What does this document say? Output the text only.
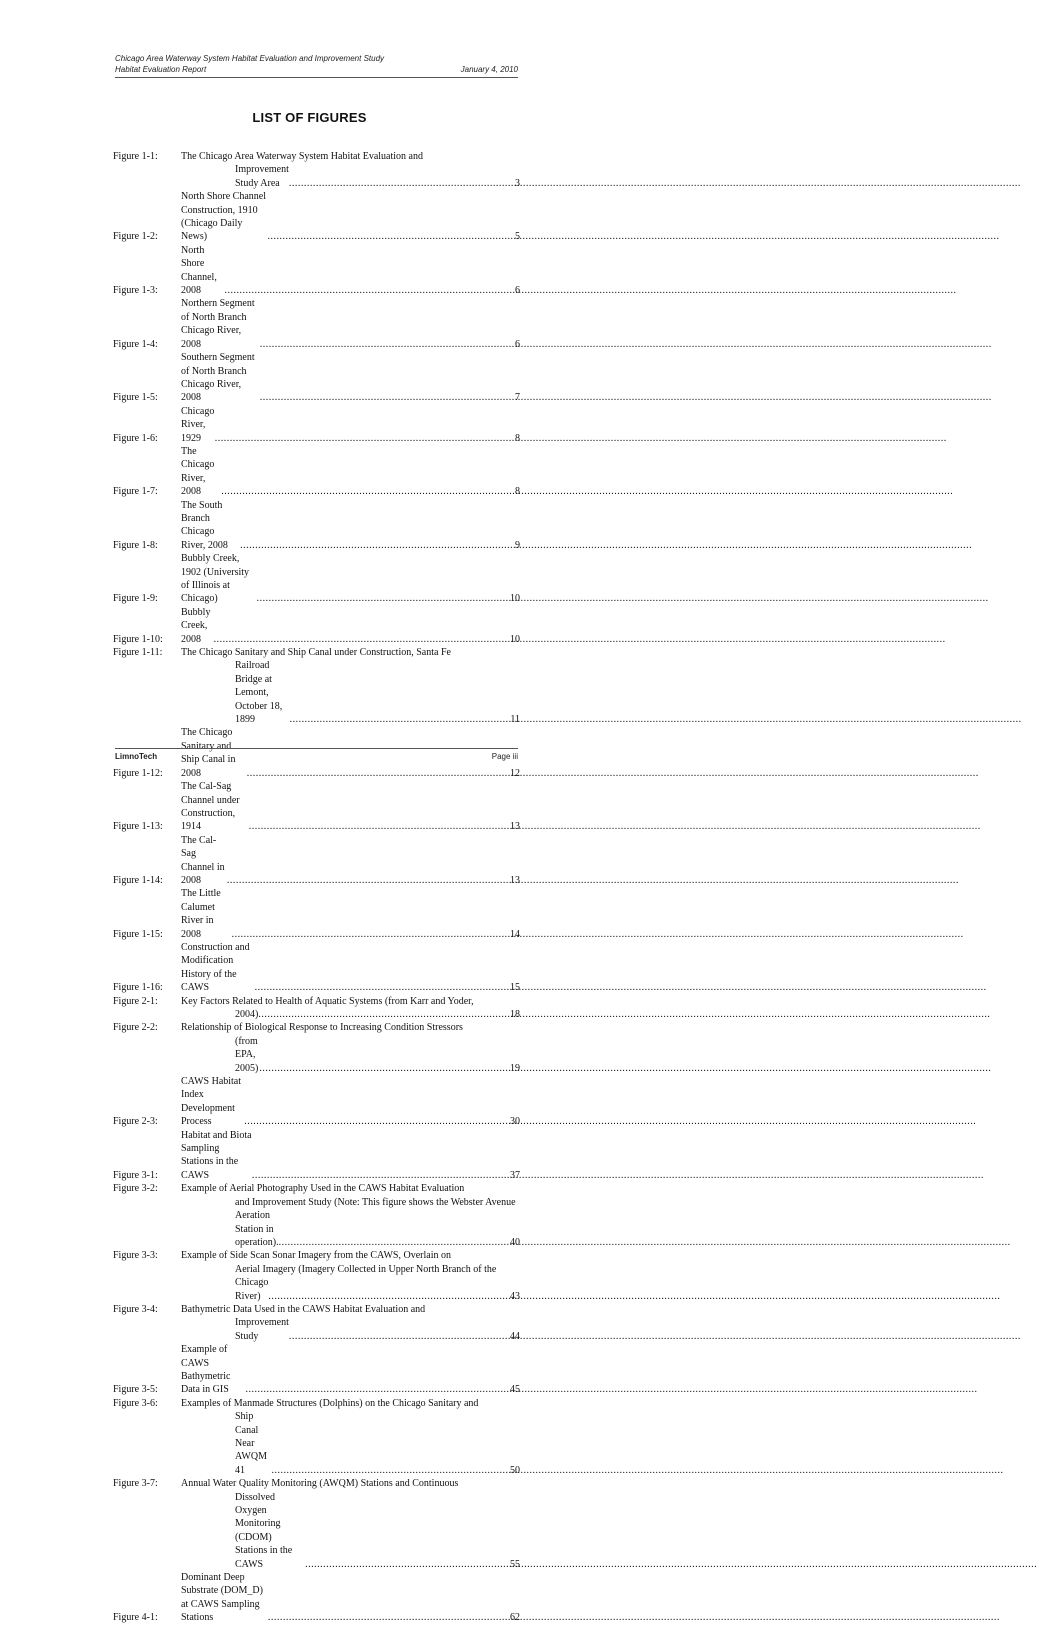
Chicago Area Waterway System Habitat Evaluation and Improvement Study
Habitat Evaluation Report	January 4, 2010
LIST OF FIGURES
Figure 1-1:	The Chicago Area Waterway System Habitat Evaluation and
Improvement Study Area .....	3
Figure 1-2:
North Shore Channel Construction, 1910 (Chicago Daily News) .....	5
Figure 1-3:
North Shore Channel, 2008 .....	6
Figure 1-4:
Northern Segment of North Branch Chicago River, 2008 .....	6
Figure 1-5:
Southern Segment of North Branch Chicago River, 2008 .....	7
Figure 1-6:
Chicago River, 1929 .....	8
Figure 1-7:
The Chicago River, 2008 .....	8
Figure 1-8:
The South Branch Chicago River, 2008 .....	9
Figure 1-9:
Bubbly Creek, 1902 (University of Illinois at Chicago) .....	10
Figure 1-10:
Bubbly Creek, 2008 .....	10
Figure 1-11:	The Chicago Sanitary and Ship Canal under Construction, Santa Fe
Railroad Bridge at Lemont, October 18, 1899 .....	11
Figure 1-12:
The Chicago Sanitary and Ship Canal in 2008 .....	12
Figure 1-13:
The Cal-Sag Channel under Construction, 1914 .....	13
Figure 1-14:
The Cal-Sag Channel in 2008 .....	13
Figure 1-15:
The Little Calumet River in 2008 .....	14
Figure 1-16:
Construction and Modification History of the CAWS .....	15
Figure 2-1:	Key Factors Related to Health of Aquatic Systems (from Karr and Yoder,
2004) .....	18
Figure 2-2:	Relationship of Biological Response to Increasing Condition Stressors
(from EPA, 2005) .....	19
Figure 2-3:
CAWS Habitat Index Development Process .....	30
Figure 3-1:
Habitat and Biota Sampling Stations in the CAWS .....	37
Figure 3-2:	Example of Aerial Photography Used in the CAWS Habitat Evaluation
and Improvement Study (Note: This figure shows the Webster Avenue
Aeration Station in operation). .....	40
Figure 3-3:	Example of Side Scan Sonar Imagery from the CAWS, Overlain on
Aerial Imagery (Imagery Collected in Upper North Branch of the
Chicago River) .....	43
Figure 3-4:	Bathymetric Data Used in the CAWS Habitat Evaluation and
Improvement Study .....	44
Figure 3-5:
Example of CAWS Bathymetric Data in GIS .....	45
Figure 3-6:	Examples of Manmade Structures (Dolphins) on the Chicago Sanitary and
Ship Canal Near AWQM 41 .....	50
Figure 3-7:	Annual Water Quality Monitoring (AWQM) Stations and Continuous
Dissolved Oxygen Monitoring (CDOM) Stations in the CAWS .....	55
Figure 4-1:
Dominant Deep Substrate (DOM_D) at CAWS Sampling Stations .....	62
LimnoTech	Page iii
